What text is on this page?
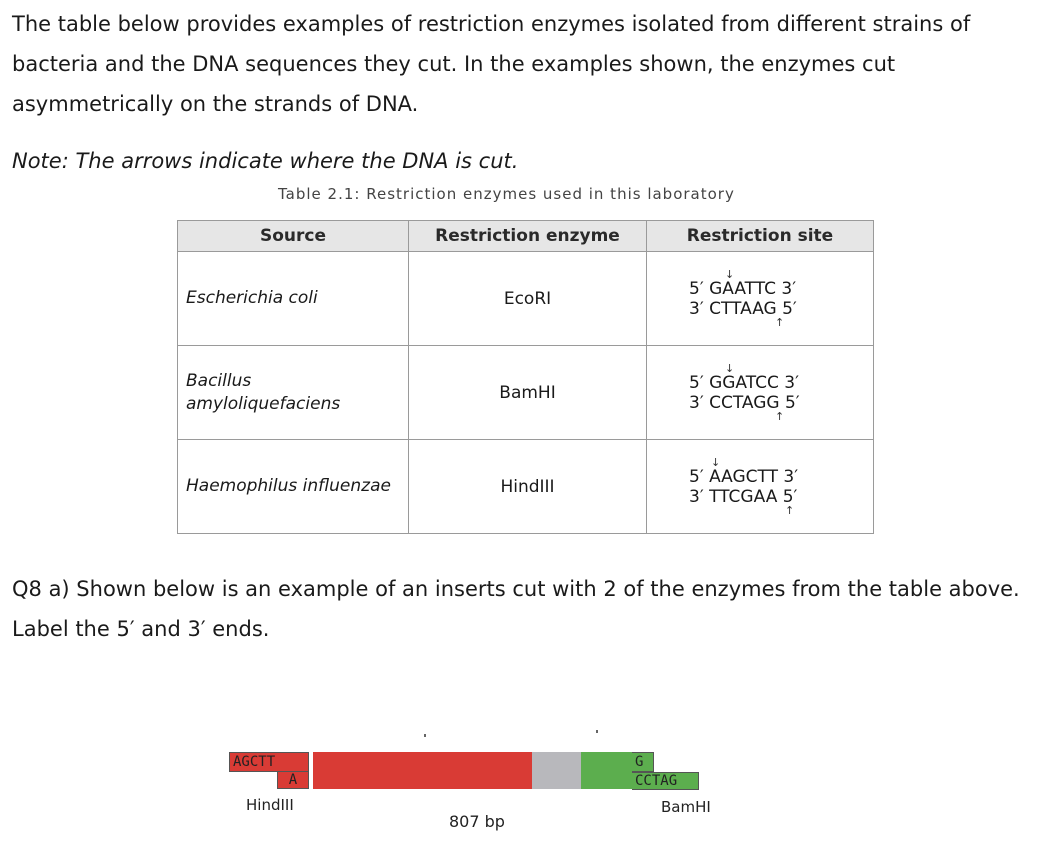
The table below provides examples of restriction enzymes isolated from different strains of bacteria and the DNA sequences they cut. In the examples shown, the enzymes cut asymmetrically on the strands of DNA.

Note: The arrows indicate where the DNA is cut.

Table 2.1: Restriction enzymes used in this laboratory
Source	Restriction enzyme	Restriction site
Escherichia coli	EcoRI	↓
5′ GAATTC 3′
3′ CTTAAG 5′
↑

Bacillus amyloliquefaciens	BamHI	↓
5′ GGATCC 3′
3′ CCTAGG 5′
↑

Haemophilus influenzae	HindIII	↓
5′ AAGCTT 3′
3′ TTCGAA 5′
↑

Q8 a) Shown below is an example of an inserts cut with 2 of the enzymes from the table above. Label the 5′ and 3′ ends.

AGCTT
A
G
CCTAG
HindIII	BamHI
807 bp
